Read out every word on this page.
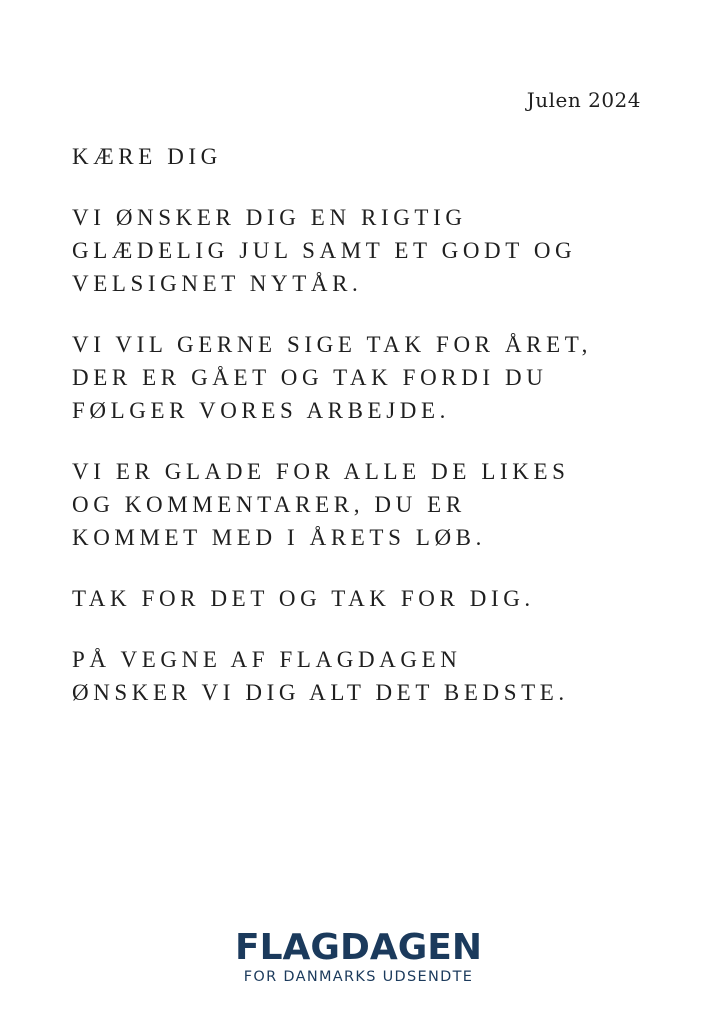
Julen 2024

KÆRE DIG

VI ØNSKER DIG EN RIGTIG
GLÆDELIG JUL SAMT ET GODT OG
VELSIGNET NYTÅR.

VI VIL GERNE SIGE TAK FOR ÅRET,
DER ER GÅET OG TAK FORDI DU
FØLGER VORES ARBEJDE.

VI ER GLADE FOR ALLE DE LIKES
OG KOMMENTARER, DU ER
KOMMET MED I ÅRETS LØB.

TAK FOR DET OG TAK FOR DIG.

PÅ VEGNE AF FLAGDAGEN
ØNSKER VI DIG ALT DET BEDSTE.

FLAGDAGEN
FOR DANMARKS UDSENDTE
